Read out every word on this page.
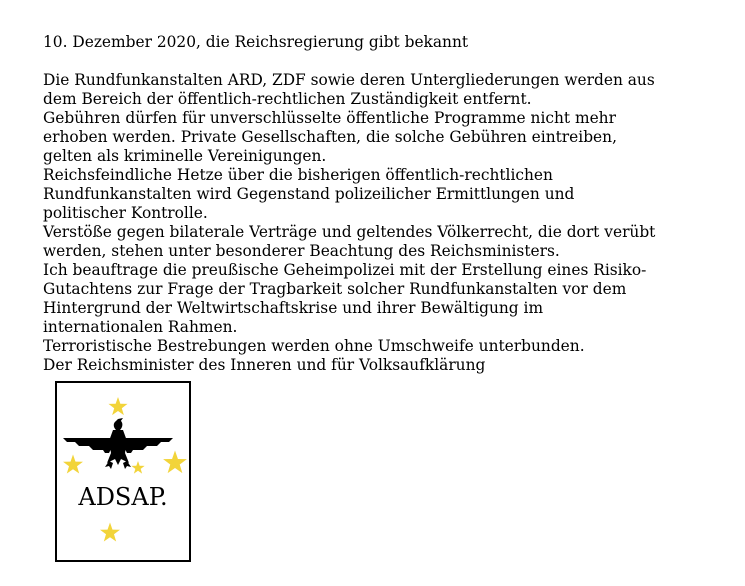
10. Dezember 2020, die Reichsregierung gibt bekannt

Die Rundfunkanstalten ARD, ZDF sowie deren Untergliederungen werden aus
dem Bereich der öffentlich-rechtlichen Zuständigkeit entfernt.
Gebühren dürfen für unverschlüsselte öffentliche Programme nicht mehr
erhoben werden. Private Gesellschaften, die solche Gebühren eintreiben,
gelten als kriminelle Vereinigungen.
Reichsfeindliche Hetze über die bisherigen öffentlich-rechtlichen
Rundfunkanstalten wird Gegenstand polizeilicher Ermittlungen und
politischer Kontrolle.
Verstöße gegen bilaterale Verträge und geltendes Völkerrecht, die dort verübt
werden, stehen unter besonderer Beachtung des Reichsministers.
Ich beauftrage die preußische Geheimpolizei mit der Erstellung eines Risiko-
Gutachtens zur Frage der Tragbarkeit solcher Rundfunkanstalten vor dem
Hintergrund der Weltwirtschaftskrise und ihrer Bewältigung im
internationalen Rahmen.
Terroristische Bestrebungen werden ohne Umschweife unterbunden.
Der Reichsminister des Inneren und für Volksaufklärung

ADSAP.
